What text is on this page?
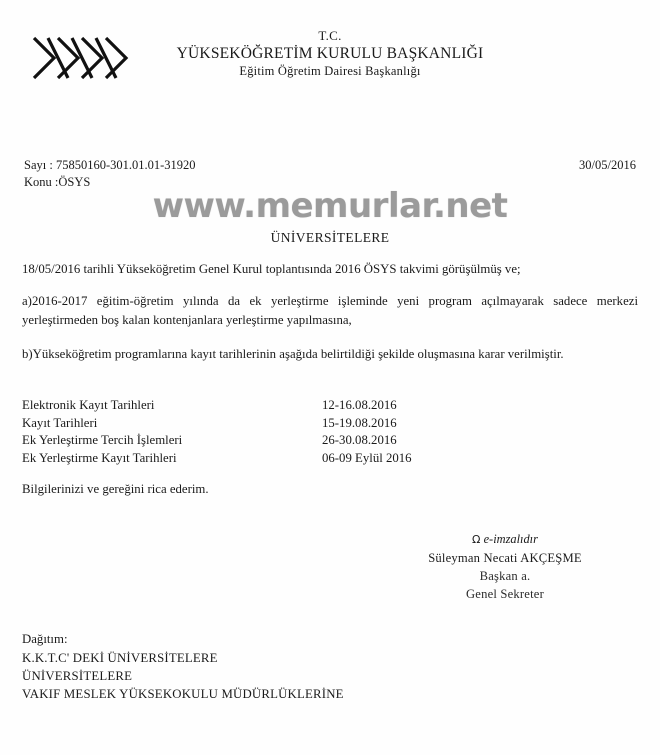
T.C.
YÜKSEKÖĞRETİM KURULU BAŞKANLIĞI
Eğitim Öğretim Dairesi Başkanlığı
Sayı : 75850160-301.01.01-31920
Konu :ÖSYS
30/05/2016
www.memurlar.net
ÜNİVERSİTELERE
18/05/2016 tarihli Yükseköğretim Genel Kurul toplantısında 2016 ÖSYS takvimi görüşülmüş ve;
a)2016-2017 eğitim-öğretim yılında da ek yerleştirme işleminde yeni program açılmayarak sadece merkezi yerleştirmeden boş kalan kontenjanlara yerleştirme yapılmasına,
b)Yükseköğretim programlarına kayıt tarihlerinin aşağıda belirtildiği şekilde oluşmasına karar verilmiştir.
Elektronik Kayıt Tarihleri	12-16.08.2016
Kayıt Tarihleri	15-19.08.2016
Ek Yerleştirme Tercih İşlemleri	26-30.08.2016
Ek Yerleştirme Kayıt Tarihleri	06-09 Eylül 2016
Bilgilerinizi ve gereğini rica ederim.
Ω e-imzalıdır
Süleyman Necati AKÇEŞME
Başkan a.
Genel Sekreter
Dağıtım:
K.K.T.C' DEKİ ÜNİVERSİTELERE
ÜNİVERSİTELERE
VAKIF MESLEK YÜKSEKOKULU MÜDÜRLÜKLERİNE
